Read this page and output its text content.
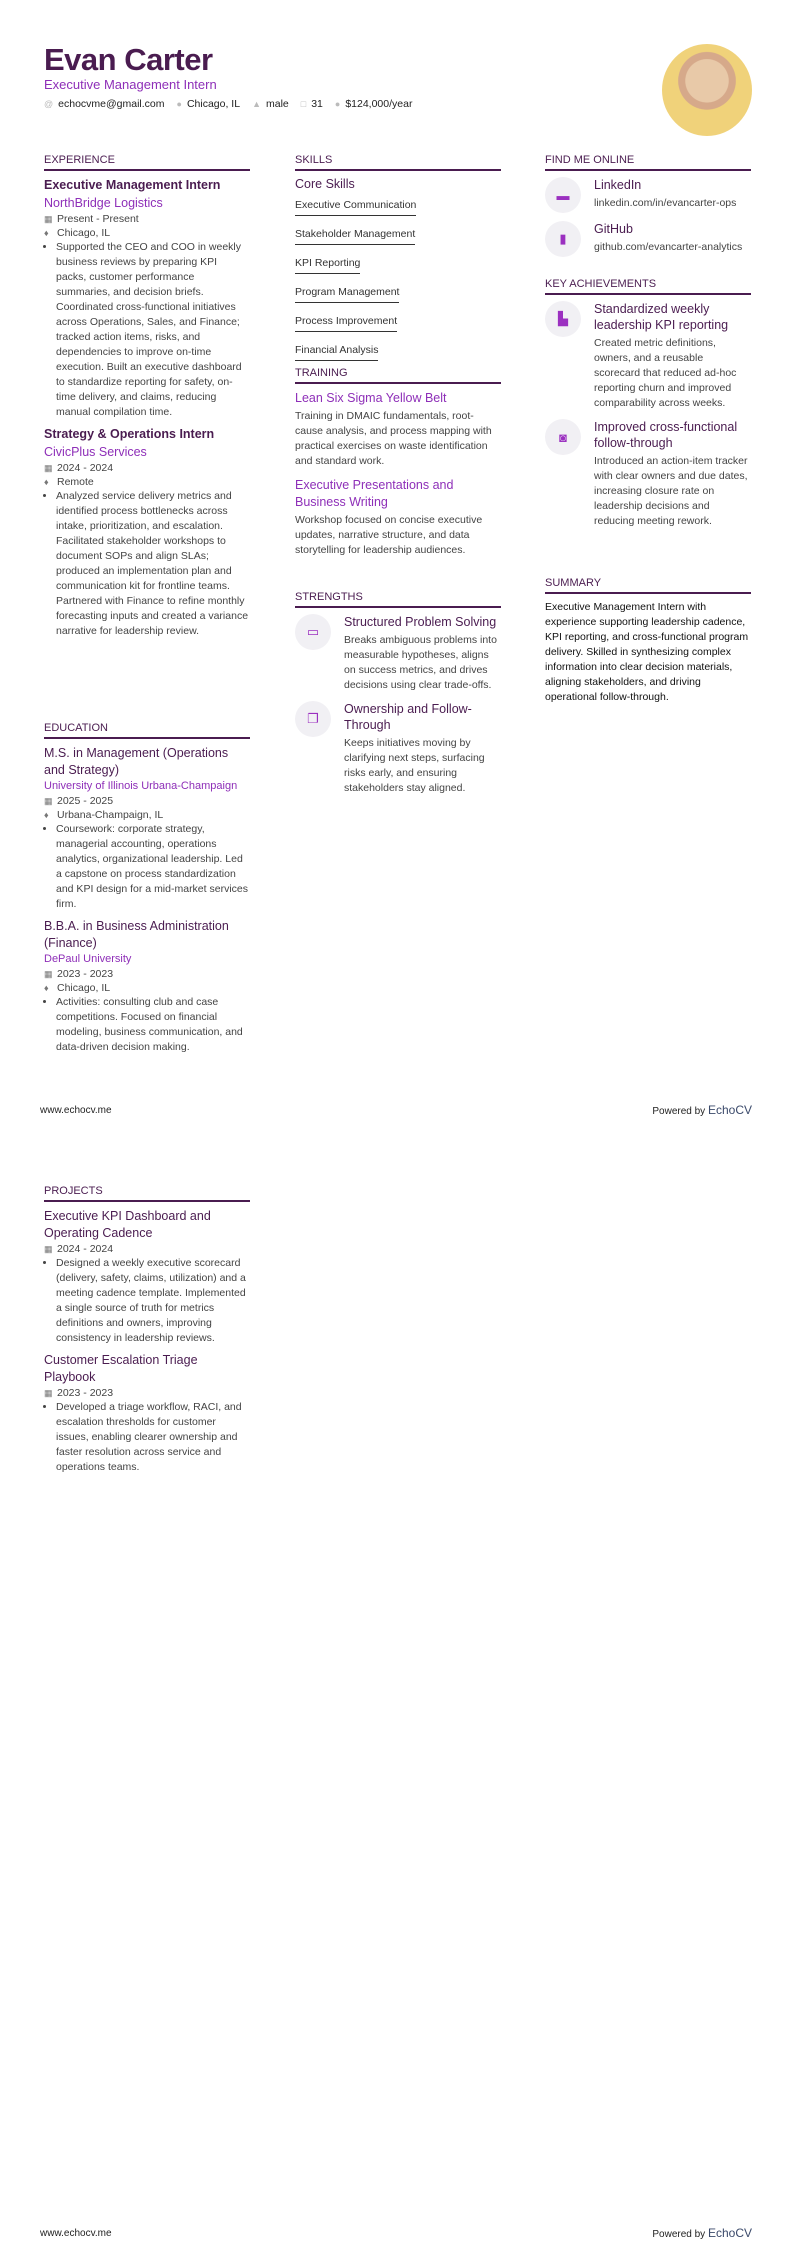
Evan Carter
Executive Management Intern
@ echocvme@gmail.com ● Chicago, IL ▲ male □ 31 ● $124,000/year
EXPERIENCE
Executive Management Intern
NorthBridge Logistics
▦ Present - Present
♦ Chicago, IL
• Supported the CEO and COO in weekly business reviews by preparing KPI packs, customer performance summaries, and decision briefs. Coordinated cross-functional initiatives across Operations, Sales, and Finance; tracked action items, risks, and dependencies to improve on-time execution. Built an executive dashboard to standardize reporting for safety, on-time delivery, and claims, reducing manual compilation time.
Strategy & Operations Intern
CivicPlus Services
▦ 2024 - 2024
♦ Remote
• Analyzed service delivery metrics and identified process bottlenecks across intake, prioritization, and escalation. Facilitated stakeholder workshops to document SOPs and align SLAs; produced an implementation plan and communication kit for frontline teams. Partnered with Finance to refine monthly forecasting inputs and created a variance narrative for leadership review.
EDUCATION
M.S. in Management (Operations and Strategy)
University of Illinois Urbana-Champaign
▦ 2025 - 2025
♦ Urbana-Champaign, IL
• Coursework: corporate strategy, managerial accounting, operations analytics, organizational leadership. Led a capstone on process standardization and KPI design for a mid-market services firm.
B.B.A. in Business Administration (Finance)
DePaul University
▦ 2023 - 2023
♦ Chicago, IL
• Activities: consulting club and case competitions. Focused on financial modeling, business communication, and data-driven decision making.
SKILLS
Core Skills
Executive Communication
Stakeholder Management
KPI Reporting
Program Management
Process Improvement
Financial Analysis
TRAINING
Lean Six Sigma Yellow Belt
Training in DMAIC fundamentals, root-cause analysis, and process mapping with practical exercises on waste identification and standard work.
Executive Presentations and Business Writing
Workshop focused on concise executive updates, narrative structure, and data storytelling for leadership audiences.
STRENGTHS
▭
Structured Problem Solving
Breaks ambiguous problems into measurable hypotheses, aligns on success metrics, and drives decisions using clear trade-offs.
❐
Ownership and Follow-Through
Keeps initiatives moving by clarifying next steps, surfacing risks early, and ensuring stakeholders stay aligned.
FIND ME ONLINE
▬
LinkedIn
linkedin.com/in/evancarter-ops
▮
GitHub
github.com/evancarter-analytics
KEY ACHIEVEMENTS
▙
Standardized weekly leadership KPI reporting
Created metric definitions, owners, and a reusable scorecard that reduced ad-hoc reporting churn and improved comparability across weeks.
◙
Improved cross-functional follow-through
Introduced an action-item tracker with clear owners and due dates, increasing closure rate on leadership decisions and reducing meeting rework.
SUMMARY
Executive Management Intern with experience supporting leadership cadence, KPI reporting, and cross-functional program delivery. Skilled in synthesizing complex information into clear decision materials, aligning stakeholders, and driving operational follow-through.
www.echocv.me	Powered by EchoCV
PROJECTS
Executive KPI Dashboard and Operating Cadence
▦ 2024 - 2024
• Designed a weekly executive scorecard (delivery, safety, claims, utilization) and a meeting cadence template. Implemented a single source of truth for metrics definitions and owners, improving consistency in leadership reviews.
Customer Escalation Triage Playbook
▦ 2023 - 2023
• Developed a triage workflow, RACI, and escalation thresholds for customer issues, enabling clearer ownership and faster resolution across service and operations teams.
www.echocv.me	Powered by EchoCV
